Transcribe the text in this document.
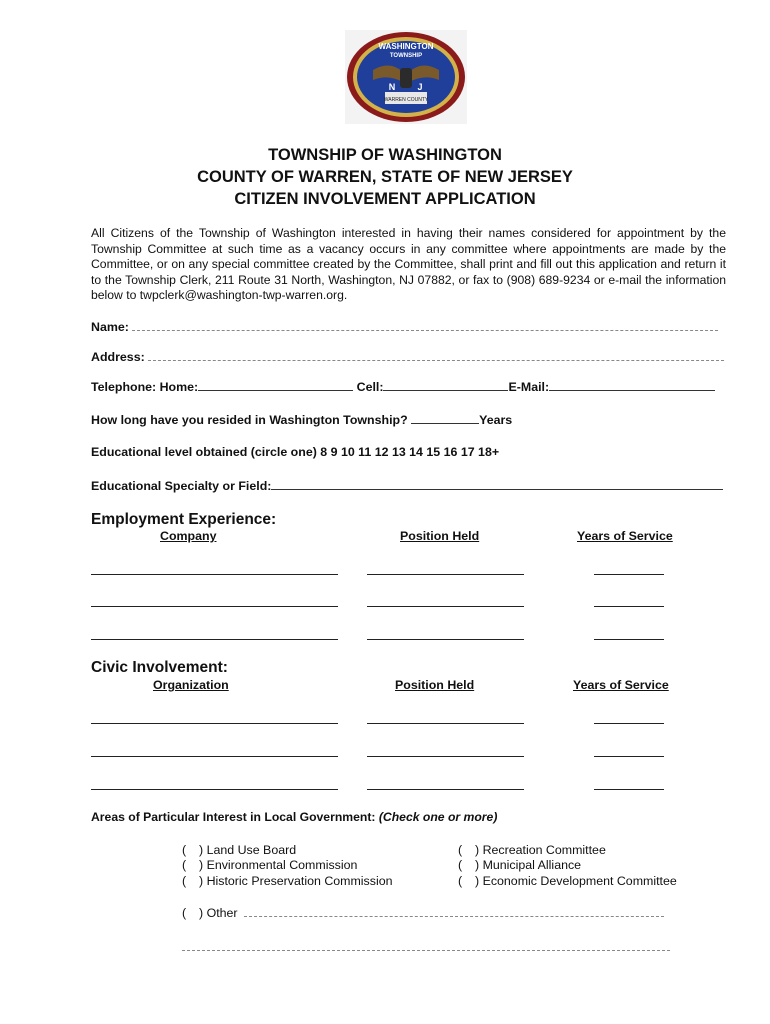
WASHINGTON
TOWNSHIP
N J
WARREN COUNTY
TOWNSHIP OF WASHINGTON
COUNTY OF WARREN, STATE OF NEW JERSEY
CITIZEN INVOLVEMENT APPLICATION
All Citizens of the Township of Washington interested in having their names considered for appointment by the Township Committee at such time as a vacancy occurs in any committee where appointments are made by the Committee, or on any special committee created by the Committee, shall print and fill out this application and return it to the Township Clerk, 211 Route 31 North, Washington, NJ 07882, or fax to (908) 689-9234 or e-mail the information below to twpclerk@washington-twp-warren.org.
Name:
Address:
Telephone: Home:	Cell:	E-Mail:
How long have you resided in Washington Township?	Years
Educational level obtained (circle one) 8 9 10 11 12 13 14 15 16 17 18+
Educational Specialty or Field:
Employment Experience:
Company	Position Held	Years of Service
Civic Involvement:
Organization	Position Held	Years of Service
Areas of Particular Interest in Local Government: (Check one or more)
( ) Land Use Board
( ) Environmental Commission
( ) Historic Preservation Commission
( ) Recreation Committee
( ) Municipal Alliance
( ) Economic Development Committee
( ) Other
